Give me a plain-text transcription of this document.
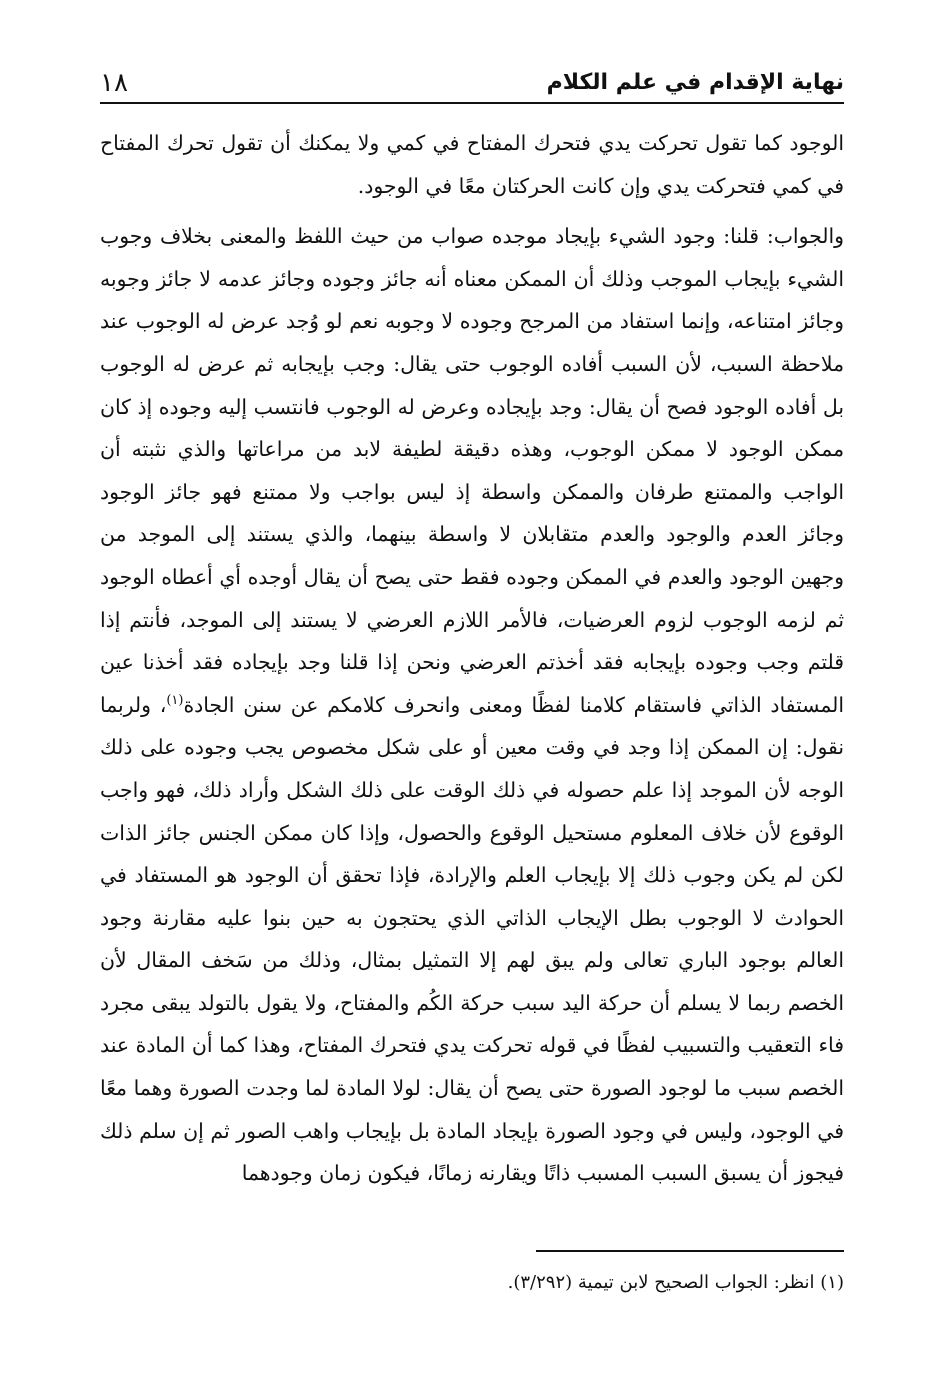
١٨	نهاية الإقدام في علم الكلام

الوجود كما تقول تحركت يدي فتحرك المفتاح في كمي ولا يمكنك أن تقول تحرك المفتاح في كمي فتحركت يدي وإن كانت الحركتان معًا في الوجود.

والجواب: قلنا: وجود الشيء بإيجاد موجده صواب من حيث اللفظ والمعنى بخلاف وجوب الشيء بإيجاب الموجب وذلك أن الممكن معناه أنه جائز وجوده وجائز عدمه لا جائز وجوبه وجائز امتناعه، وإنما استفاد من المرجح وجوده لا وجوبه نعم لو وُجد عرض له الوجوب عند ملاحظة السبب، لأن السبب أفاده الوجوب حتى يقال: وجب بإيجابه ثم عرض له الوجوب بل أفاده الوجود فصح أن يقال: وجد بإيجاده وعرض له الوجوب فانتسب إليه وجوده إذ كان ممكن الوجود لا ممكن الوجوب، وهذه دقيقة لطيفة لابد من مراعاتها والذي نثبته أن الواجب والممتنع طرفان والممكن واسطة إذ ليس بواجب ولا ممتنع فهو جائز الوجود وجائز العدم والوجود والعدم متقابلان لا واسطة بينهما، والذي يستند إلى الموجد من وجهين الوجود والعدم في الممكن وجوده فقط حتى يصح أن يقال أوجده أي أعطاه الوجود ثم لزمه الوجوب لزوم العرضيات، فالأمر اللازم العرضي لا يستند إلى الموجد، فأنتم إذا قلتم وجب وجوده بإيجابه فقد أخذتم العرضي ونحن إذا قلنا وجد بإيجاده فقد أخذنا عين المستفاد الذاتي فاستقام كلامنا لفظًا ومعنى وانحرف كلامكم عن سنن الجادة$^{(١)}$، ولربما نقول: إن الممكن إذا وجد في وقت معين أو على شكل مخصوص يجب وجوده على ذلك الوجه لأن الموجد إذا علم حصوله في ذلك الوقت على ذلك الشكل وأراد ذلك، فهو واجب الوقوع لأن خلاف المعلوم مستحيل الوقوع والحصول، وإذا كان ممكن الجنس جائز الذات لكن لم يكن وجوب ذلك إلا بإيجاب العلم والإرادة، فإذا تحقق أن الوجود هو المستفاد في الحوادث لا الوجوب بطل الإيجاب الذاتي الذي يحتجون به حين بنوا عليه مقارنة وجود العالم بوجود الباري تعالى ولم يبق لهم إلا التمثيل بمثال، وذلك من سَخف المقال لأن الخصم ربما لا يسلم أن حركة اليد سبب حركة الكُم والمفتاح، ولا يقول بالتولد يبقى مجرد فاء التعقيب والتسبيب لفظًا في قوله تحركت يدي فتحرك المفتاح، وهذا كما أن المادة عند الخصم سبب ما لوجود الصورة حتى يصح أن يقال: لولا المادة لما وجدت الصورة وهما معًا في الوجود، وليس في وجود الصورة بإيجاد المادة بل بإيجاب واهب الصور ثم إن سلم ذلك فيجوز أن يسبق السبب المسبب ذاتًا ويقارنه زمانًا، فيكون زمان وجودهما

(١) انظر: الجواب الصحيح لابن تيمية (٣/٢٩٢).
